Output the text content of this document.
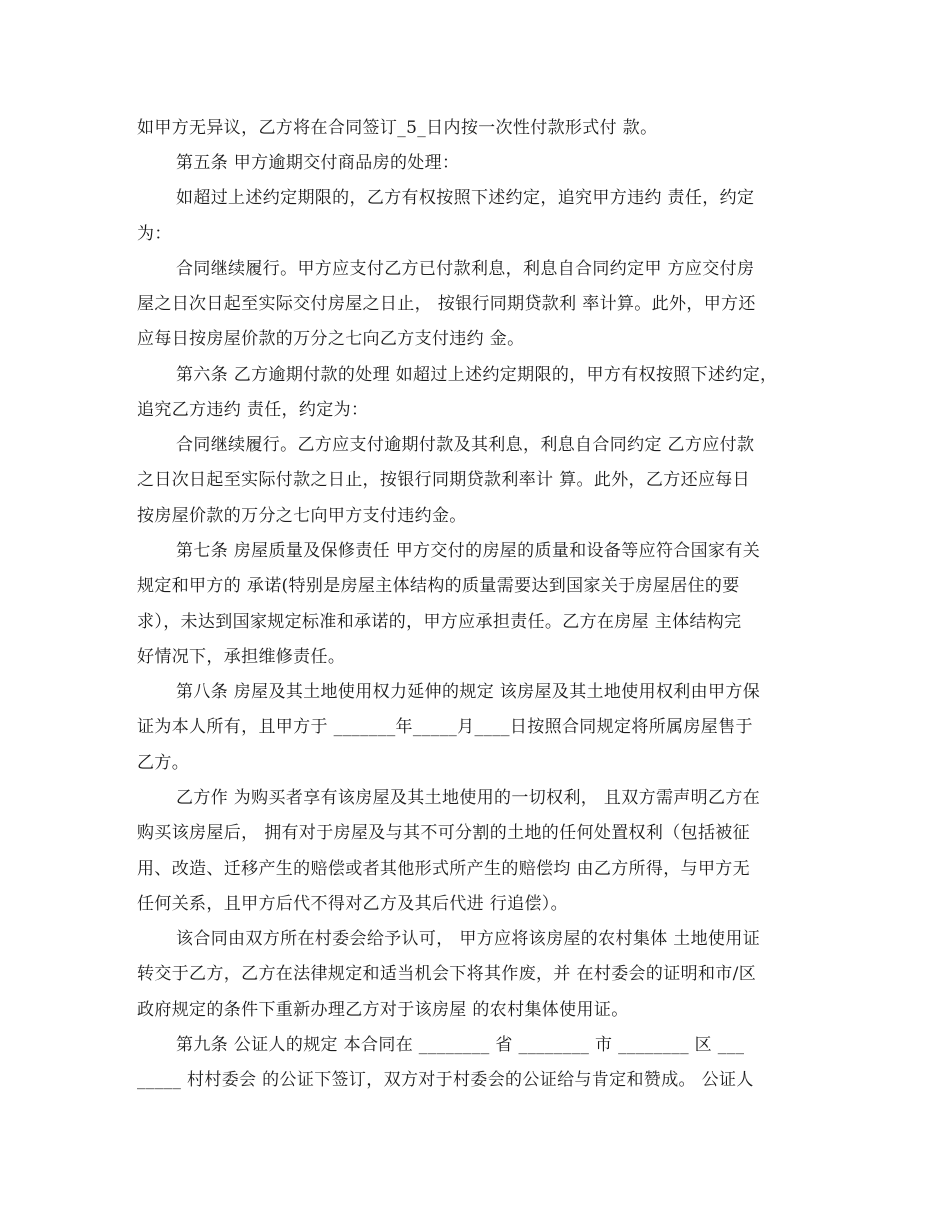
如甲方无异议，乙方将在合同签订_5_日内按一次性付款形式付 款。
第五条 甲方逾期交付商品房的处理：
如超过上述约定期限的，乙方有权按照下述约定，追究甲方违约 责任，约定
为：
合同继续履行。甲方应支付乙方已付款利息，利息自合同约定甲 方应交付房
屋之日次日起至实际交付房屋之日止， 按银行同期贷款利 率计算。此外，甲方还
应每日按房屋价款的万分之七向乙方支付违约 金。
第六条 乙方逾期付款的处理 如超过上述约定期限的，甲方有权按照下述约定，
追究乙方违约 责任，约定为：
合同继续履行。乙方应支付逾期付款及其利息，利息自合同约定 乙方应付款
之日次日起至实际付款之日止，按银行同期贷款利率计 算。此外，乙方还应每日
按房屋价款的万分之七向甲方支付违约金。
第七条 房屋质量及保修责任 甲方交付的房屋的质量和设备等应符合国家有关
规定和甲方的 承诺(特别是房屋主体结构的质量需要达到国家关于房屋居住的要
求），未达到国家规定标准和承诺的，甲方应承担责任。乙方在房屋 主体结构完
好情况下，承担维修责任。
第八条 房屋及其土地使用权力延伸的规定 该房屋及其土地使用权利由甲方保
证为本人所有，且甲方于 _______年_____月____日按照合同规定将所属房屋售于
乙方。
乙方作 为购买者享有该房屋及其土地使用的一切权利， 且双方需声明乙方在
购买该房屋后， 拥有对于房屋及与其不可分割的土地的任何处置权利（包括被征
用、改造、迁移产生的赔偿或者其他形式所产生的赔偿均 由乙方所得，与甲方无
任何关系，且甲方后代不得对乙方及其后代进 行追偿）。
该合同由双方所在村委会给予认可， 甲方应将该房屋的农村集体 土地使用证
转交于乙方，乙方在法律规定和适当机会下将其作废，并 在村委会的证明和市/区
政府规定的条件下重新办理乙方对于该房屋 的农村集体使用证。
第九条 公证人的规定 本合同在 ________ 省 ________ 市 ________ 区 ___
_____ 村村委会 的公证下签订，双方对于村委会的公证给与肯定和赞成。 公证人
